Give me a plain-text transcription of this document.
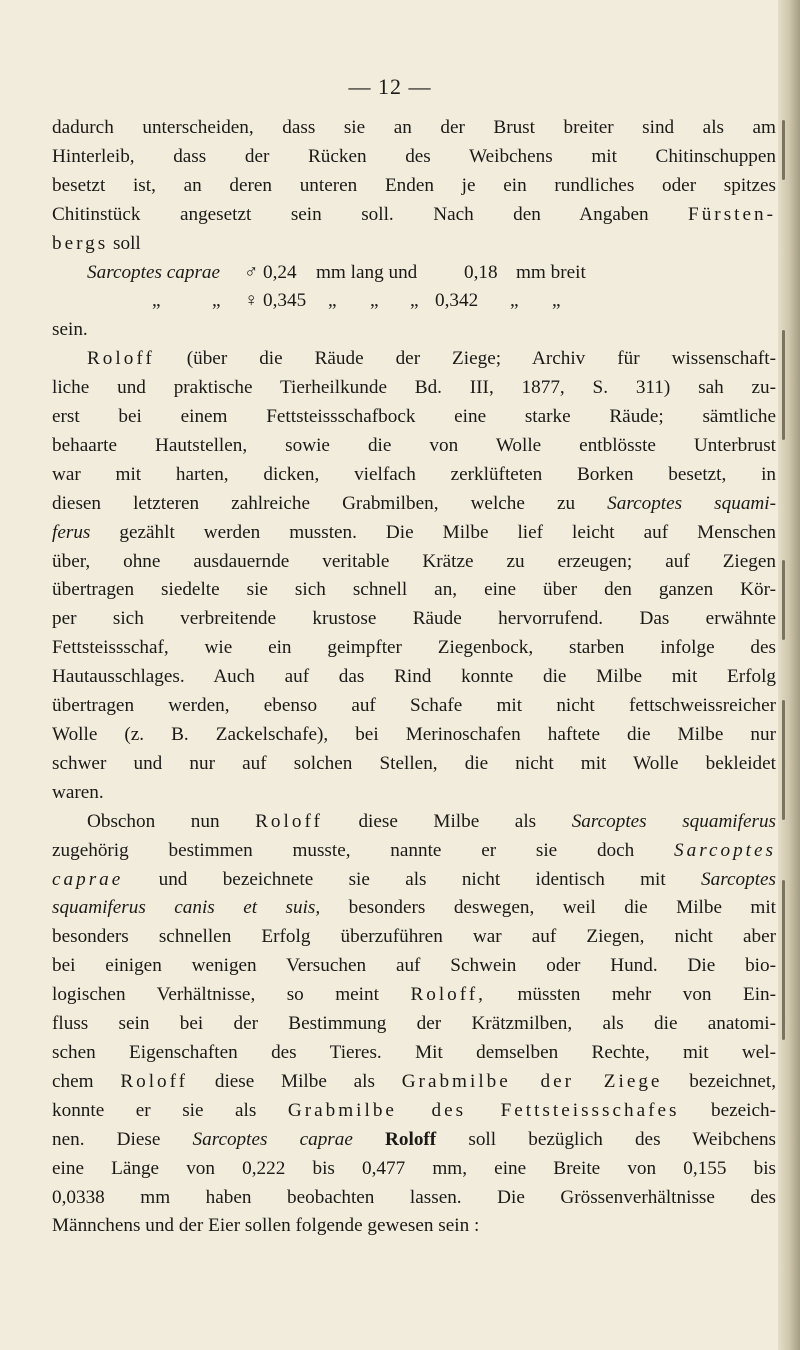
— 12 —
dadurch unterscheiden, dass sie an der Brust breiter sind als am
Hinterleib, dass der Rücken des Weibchens mit Chitinschuppen
besetzt ist, an deren unteren Enden je ein rundliches oder spitzes
Chitinstück angesetzt sein soll. Nach den Angaben Fürsten-
bergs soll
Sarcoptes caprae ♂ 0,24 mm lang und 0,18 mm breit
„	„ ♀ 0,345 „ „ „ 0,342 „ „
sein.
Roloff (über die Räude der Ziege; Archiv für wissenschaft-
liche und praktische Tierheilkunde Bd. III, 1877, S. 311) sah zu-
erst bei einem Fettsteissschafbock eine starke Räude; sämtliche
behaarte Hautstellen, sowie die von Wolle entblösste Unterbrust
war mit harten, dicken, vielfach zerklüfteten Borken besetzt, in
diesen letzteren zahlreiche Grabmilben, welche zu Sarcoptes squami-
ferus gezählt werden mussten. Die Milbe lief leicht auf Menschen
über, ohne ausdauernde veritable Krätze zu erzeugen; auf Ziegen
übertragen siedelte sie sich schnell an, eine über den ganzen Kör-
per sich verbreitende krustose Räude hervorrufend. Das erwähnte
Fettsteissschaf, wie ein geimpfter Ziegenbock, starben infolge des
Hautausschlages. Auch auf das Rind konnte die Milbe mit Erfolg
übertragen werden, ebenso auf Schafe mit nicht fettschweissreicher
Wolle (z. B. Zackelschafe), bei Merinoschafen haftete die Milbe nur
schwer und nur auf solchen Stellen, die nicht mit Wolle bekleidet
waren.
Obschon nun Roloff diese Milbe als Sarcoptes squamiferus
zugehörig bestimmen musste, nannte er sie doch Sarcoptes
caprae und bezeichnete sie als nicht identisch mit Sarcoptes
squamiferus canis et suis, besonders deswegen, weil die Milbe mit
besonders schnellen Erfolg überzuführen war auf Ziegen, nicht aber
bei einigen wenigen Versuchen auf Schwein oder Hund. Die bio-
logischen Verhältnisse, so meint Roloff, müssten mehr von Ein-
fluss sein bei der Bestimmung der Krätzmilben, als die anatomi-
schen Eigenschaften des Tieres. Mit demselben Rechte, mit wel-
chem Roloff diese Milbe als Grabmilbe der Ziege bezeichnet,
konnte er sie als Grabmilbe des Fettsteissschafes bezeich-
nen. Diese Sarcoptes caprae Roloff soll bezüglich des Weibchens
eine Länge von 0,222 bis 0,477 mm, eine Breite von 0,155 bis
0,0338 mm haben beobachten lassen. Die Grössenverhältnisse des
Männchens und der Eier sollen folgende gewesen sein :
